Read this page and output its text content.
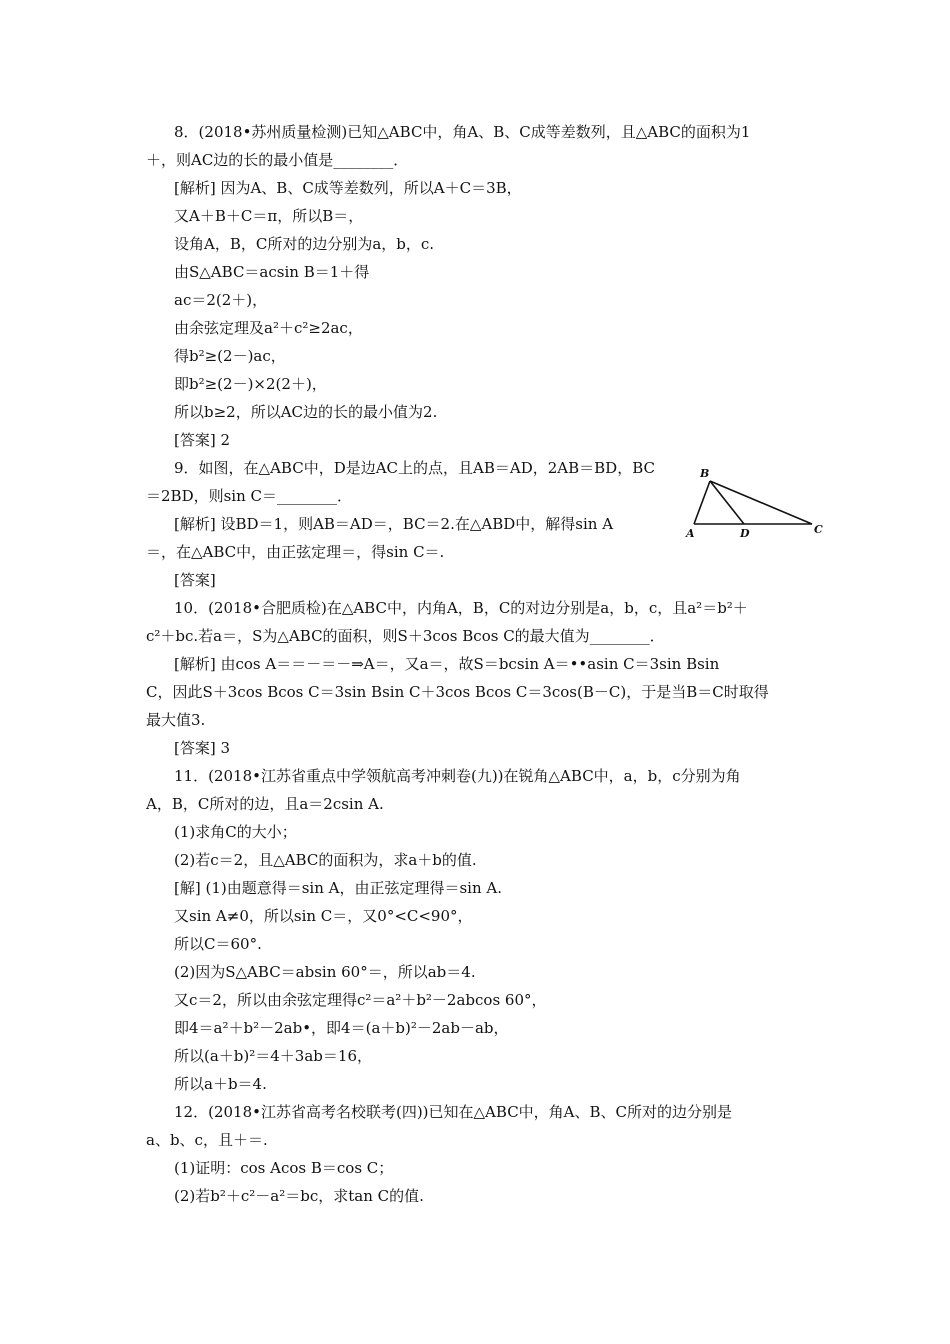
8．(2018•苏州质量检测)已知△ABC中，角A、B、C成等差数列，且△ABC的面积为1
＋，则AC边的长的最小值是________．
[解析] 因为A、B、C成等差数列，所以A＋C＝3B，
又A＋B＋C＝π，所以B＝，
设角A，B，C所对的边分别为a，b，c.
由S△ABC＝acsin B＝1＋得
ac＝2(2＋)，
由余弦定理及a²＋c²≥2ac，
得b²≥(2－)ac，
即b²≥(2－)×2(2＋)，
所以b≥2，所以AC边的长的最小值为2.
[答案] 2
9．如图，在△ABC中，D是边AC上的点，且AB＝AD，2AB＝BD，BC
＝2BD，则sin C＝________．
[解析] 设BD＝1，则AB＝AD＝，BC＝2.在△ABD中，解得sin A
＝，在△ABC中，由正弦定理＝，得sin C＝.
[答案]
B
A	D	C
10．(2018•合肥质检)在△ABC中，内角A，B，C的对边分别是a，b，c，且a²＝b²＋
c²＋bc.若a＝，S为△ABC的面积，则S＋3cos Bcos C的最大值为________．
[解析] 由cos A＝＝－＝－⇒A＝，又a＝，故S＝bcsin A＝••asin C＝3sin Bsin
C，因此S＋3cos Bcos C＝3sin Bsin C＋3cos Bcos C＝3cos(B－C)，于是当B＝C时取得
最大值3.
[答案] 3
11．(2018•江苏省重点中学领航高考冲刺卷(九))在锐角△ABC中，a，b，c分别为角
A，B，C所对的边，且a＝2csin A.
(1)求角C的大小；
(2)若c＝2，且△ABC的面积为，求a＋b的值.
[解] (1)由题意得＝sin A，由正弦定理得＝sin A.
又sin A≠0，所以sin C＝，又0°<C<90°，
所以C＝60°.
(2)因为S△ABC＝absin 60°＝，所以ab＝4.
又c＝2，所以由余弦定理得c²＝a²＋b²－2abcos 60°，
即4＝a²＋b²－2ab•，即4＝(a＋b)²－2ab－ab，
所以(a＋b)²＝4＋3ab＝16，
所以a＋b＝4.
12．(2018•江苏省高考名校联考(四))已知在△ABC中，角A、B、C所对的边分别是
a、b、c，且＋＝.
(1)证明：cos Acos B＝cos C；
(2)若b²＋c²－a²＝bc，求tan C的值.
